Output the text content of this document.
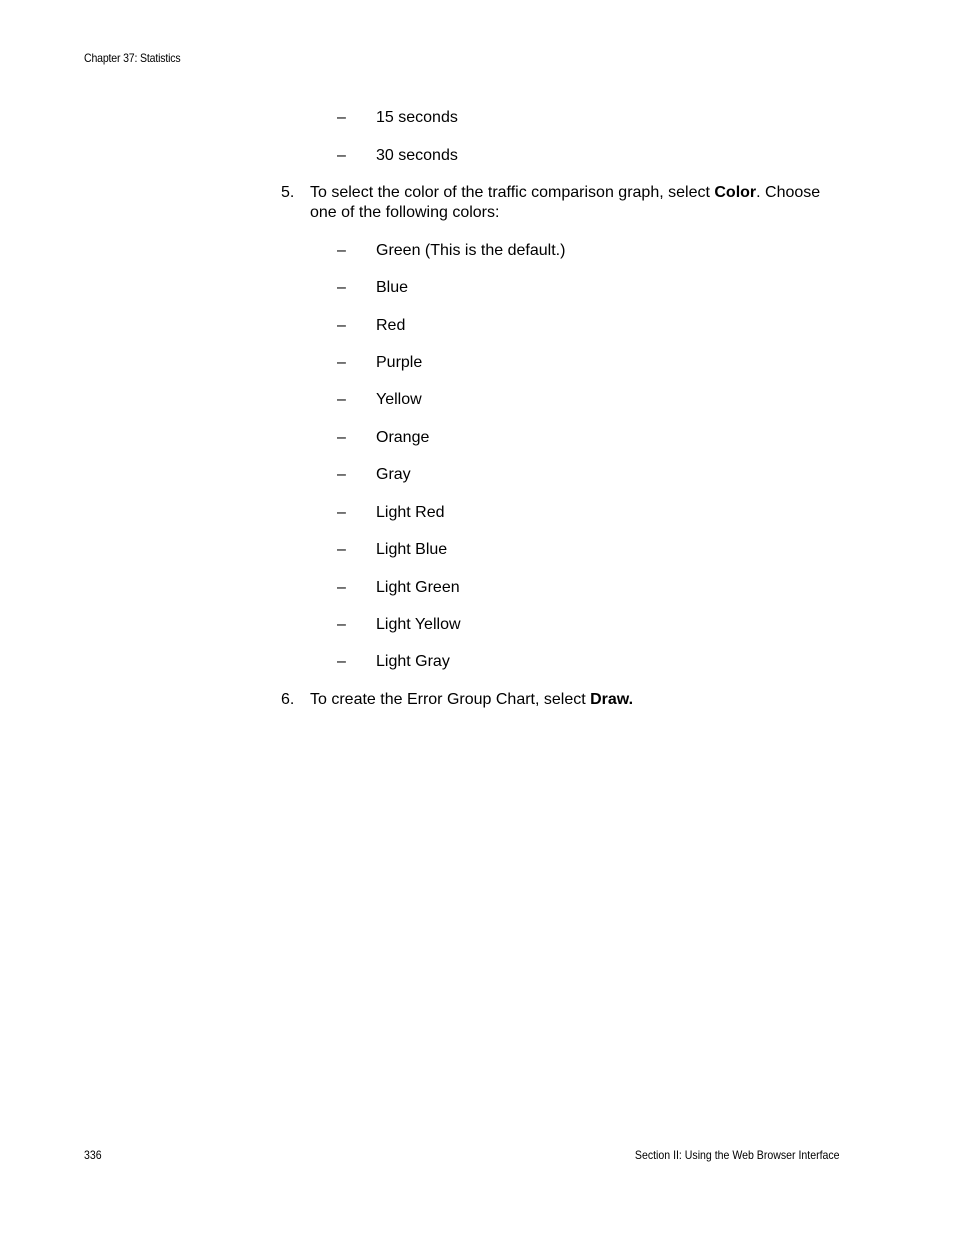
Chapter 37: Statistics
– 15 seconds
– 30 seconds
5. To select the color of the traffic comparison graph, select Color. Choose one of the following colors:
– Green (This is the default.)
– Blue
– Red
– Purple
– Yellow
– Orange
– Gray
– Light Red
– Light Blue
– Light Green
– Light Yellow
– Light Gray
6. To create the Error Group Chart, select Draw.
336	Section II: Using the Web Browser Interface
